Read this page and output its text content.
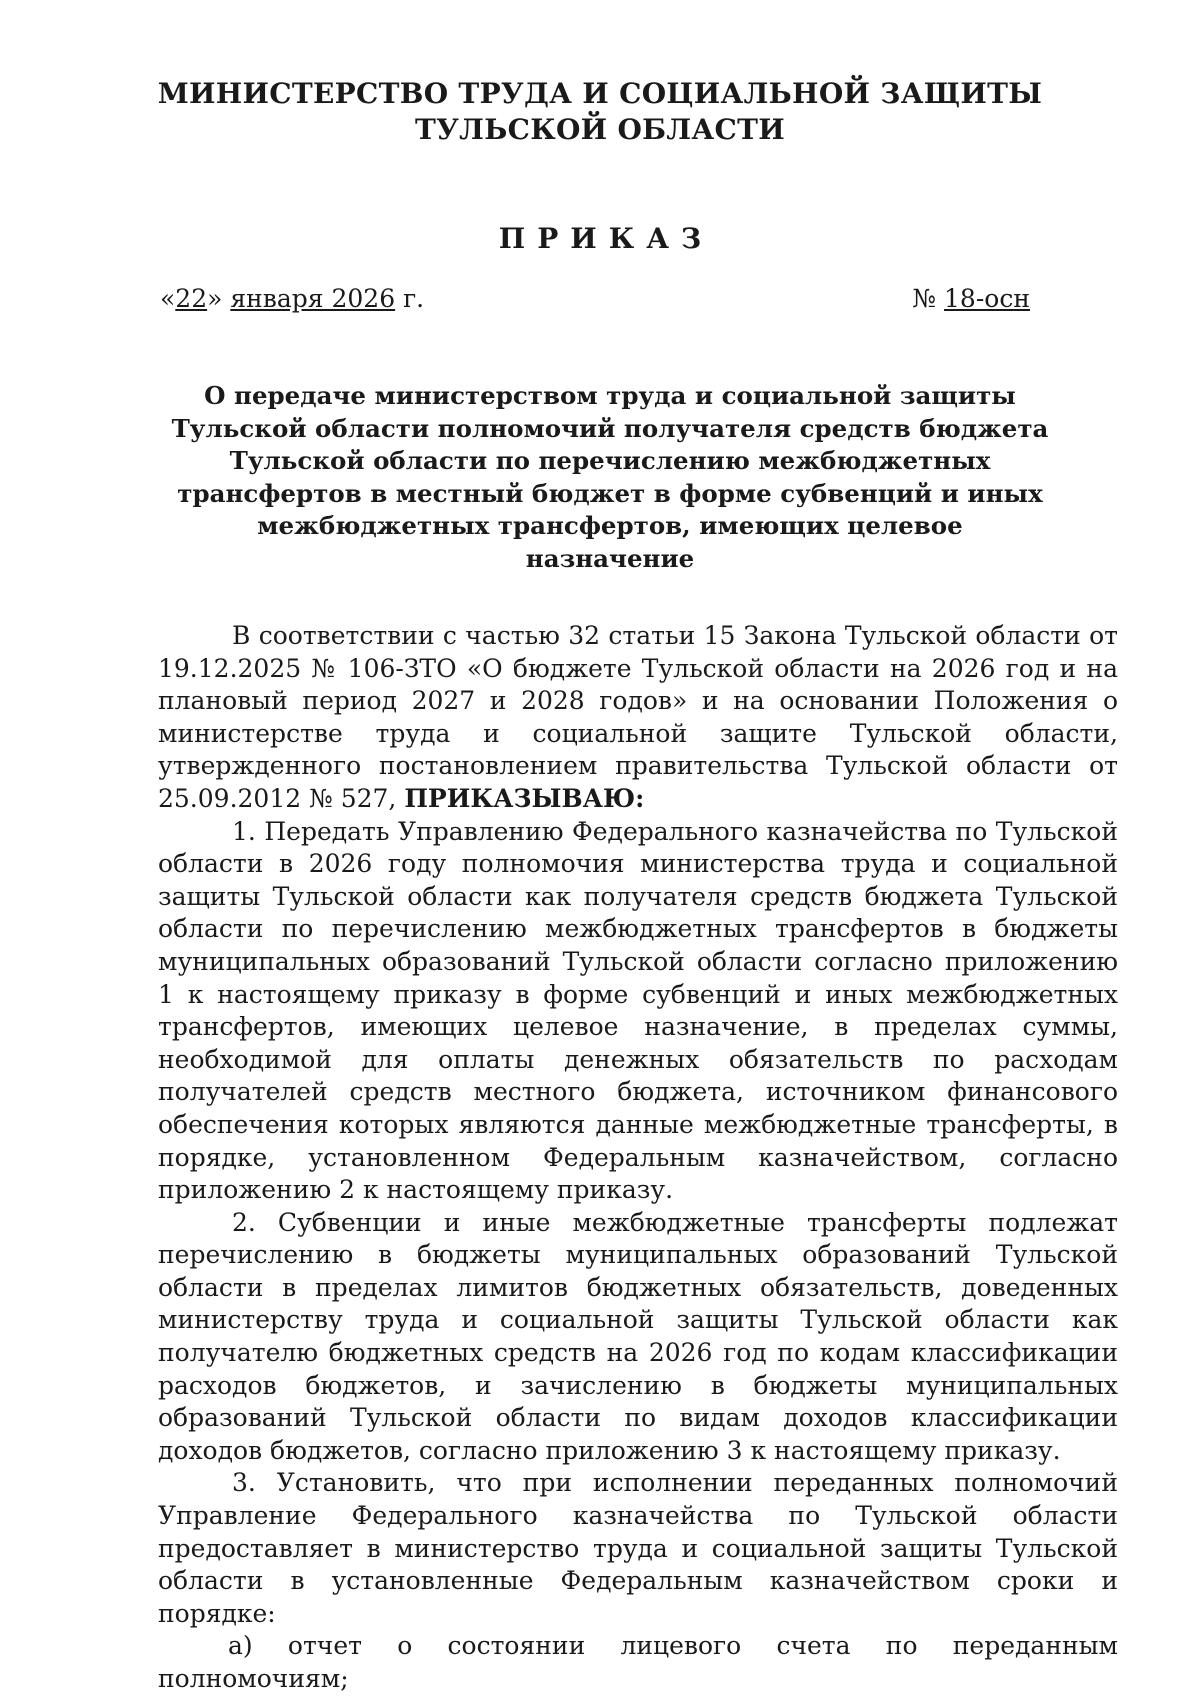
МИНИСТЕРСТВО ТРУДА И СОЦИАЛЬНОЙ ЗАЩИТЫ
ТУЛЬСКОЙ ОБЛАСТИ
ПРИКАЗ
«22» января 2026 г.	№ 18-осн
О передаче министерством труда и социальной защиты Тульской области полномочий получателя средств бюджета Тульской области по перечислению межбюджетных трансфертов в местный бюджет в форме субвенций и иных межбюджетных трансфертов, имеющих целевое назначение

В соответствии с частью 32 статьи 15 Закона Тульской области от 19.12.2025 № 106-ЗТО «О бюджете Тульской области на 2026 год и на плановый период 2027 и 2028 годов» и на основании Положения о министерстве труда и социальной защите Тульской области, утвержденного постановлением правительства Тульской области от 25.09.2012 № 527, ПРИКАЗЫВАЮ:

1. Передать Управлению Федерального казначейства по Тульской области в 2026 году полномочия министерства труда и социальной защиты Тульской области как получателя средств бюджета Тульской области по перечислению межбюджетных трансфертов в бюджеты муниципальных образований Тульской области согласно приложению 1 к настоящему приказу в форме субвенций и иных межбюджетных трансфертов, имеющих целевое назначение, в пределах суммы, необходимой для оплаты денежных обязательств по расходам получателей средств местного бюджета, источником финансового обеспечения которых являются данные межбюджетные трансферты, в порядке, установленном Федеральным казначейством, согласно приложению 2 к настоящему приказу.

2. Субвенции и иные межбюджетные трансферты подлежат перечислению в бюджеты муниципальных образований Тульской области в пределах лимитов бюджетных обязательств, доведенных министерству труда и социальной защиты Тульской области как получателю бюджетных средств на 2026 год по кодам классификации расходов бюджетов, и зачислению в бюджеты муниципальных образований Тульской области по видам доходов классификации доходов бюджетов, согласно приложению 3 к настоящему приказу.

3. Установить, что при исполнении переданных полномочий Управление Федерального казначейства по Тульской области предоставляет в министерство труда и социальной защиты Тульской области в установленные Федеральным казначейством сроки и порядке:

а) отчет о состоянии лицевого счета по переданным полномочиям;
